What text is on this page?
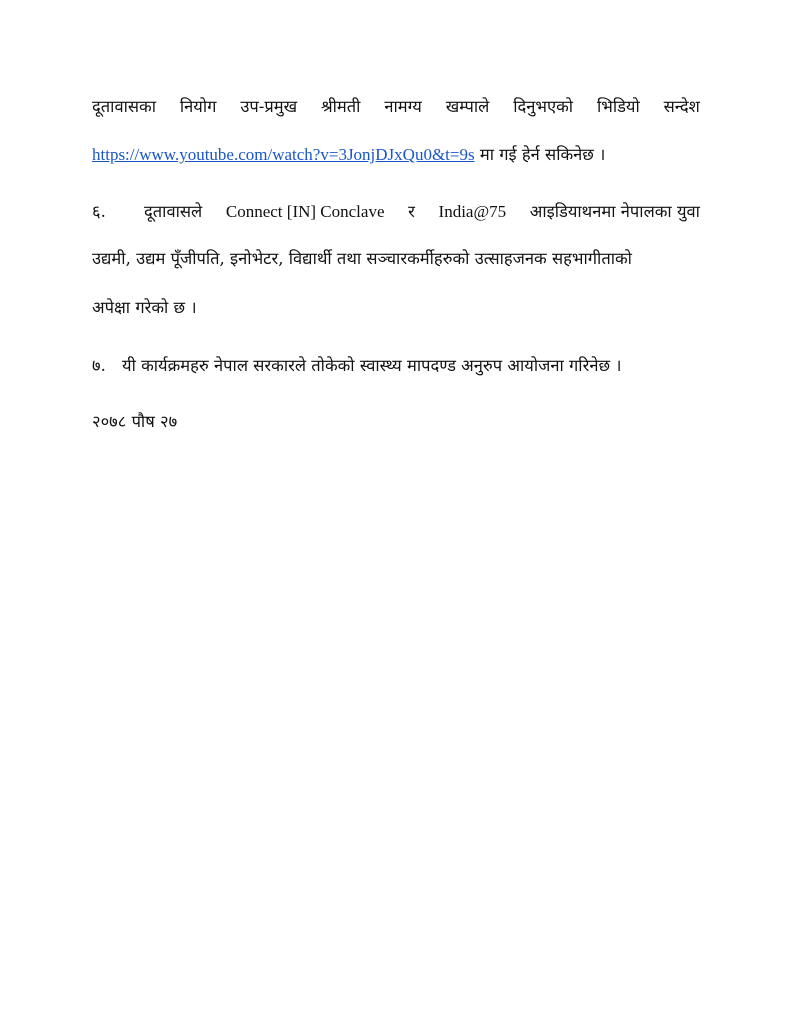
दूतावासका नियोग उप-प्रमुख श्रीमती नामग्य खम्पाले दिनुभएको भिडियो सन्देश
https://www.youtube.com/watch?v=3JonjDJxQu0&t=9s मा गई हेर्न सकिनेछ ।
६.	दूतावासले Connect [IN] Conclave र India@75 आइडियाथनमा नेपालका युवा
उद्यमी, उद्यम पूँजीपति, इनोभेटर, विद्यार्थी तथा सञ्चारकर्मीहरुको उत्साहजनक सहभागीताको
अपेक्षा गरेको छ ।
७. यी कार्यक्रमहरु नेपाल सरकारले तोकेको स्वास्थ्य मापदण्ड अनुरुप आयोजना गरिनेछ ।
२०७८ पौष २७
